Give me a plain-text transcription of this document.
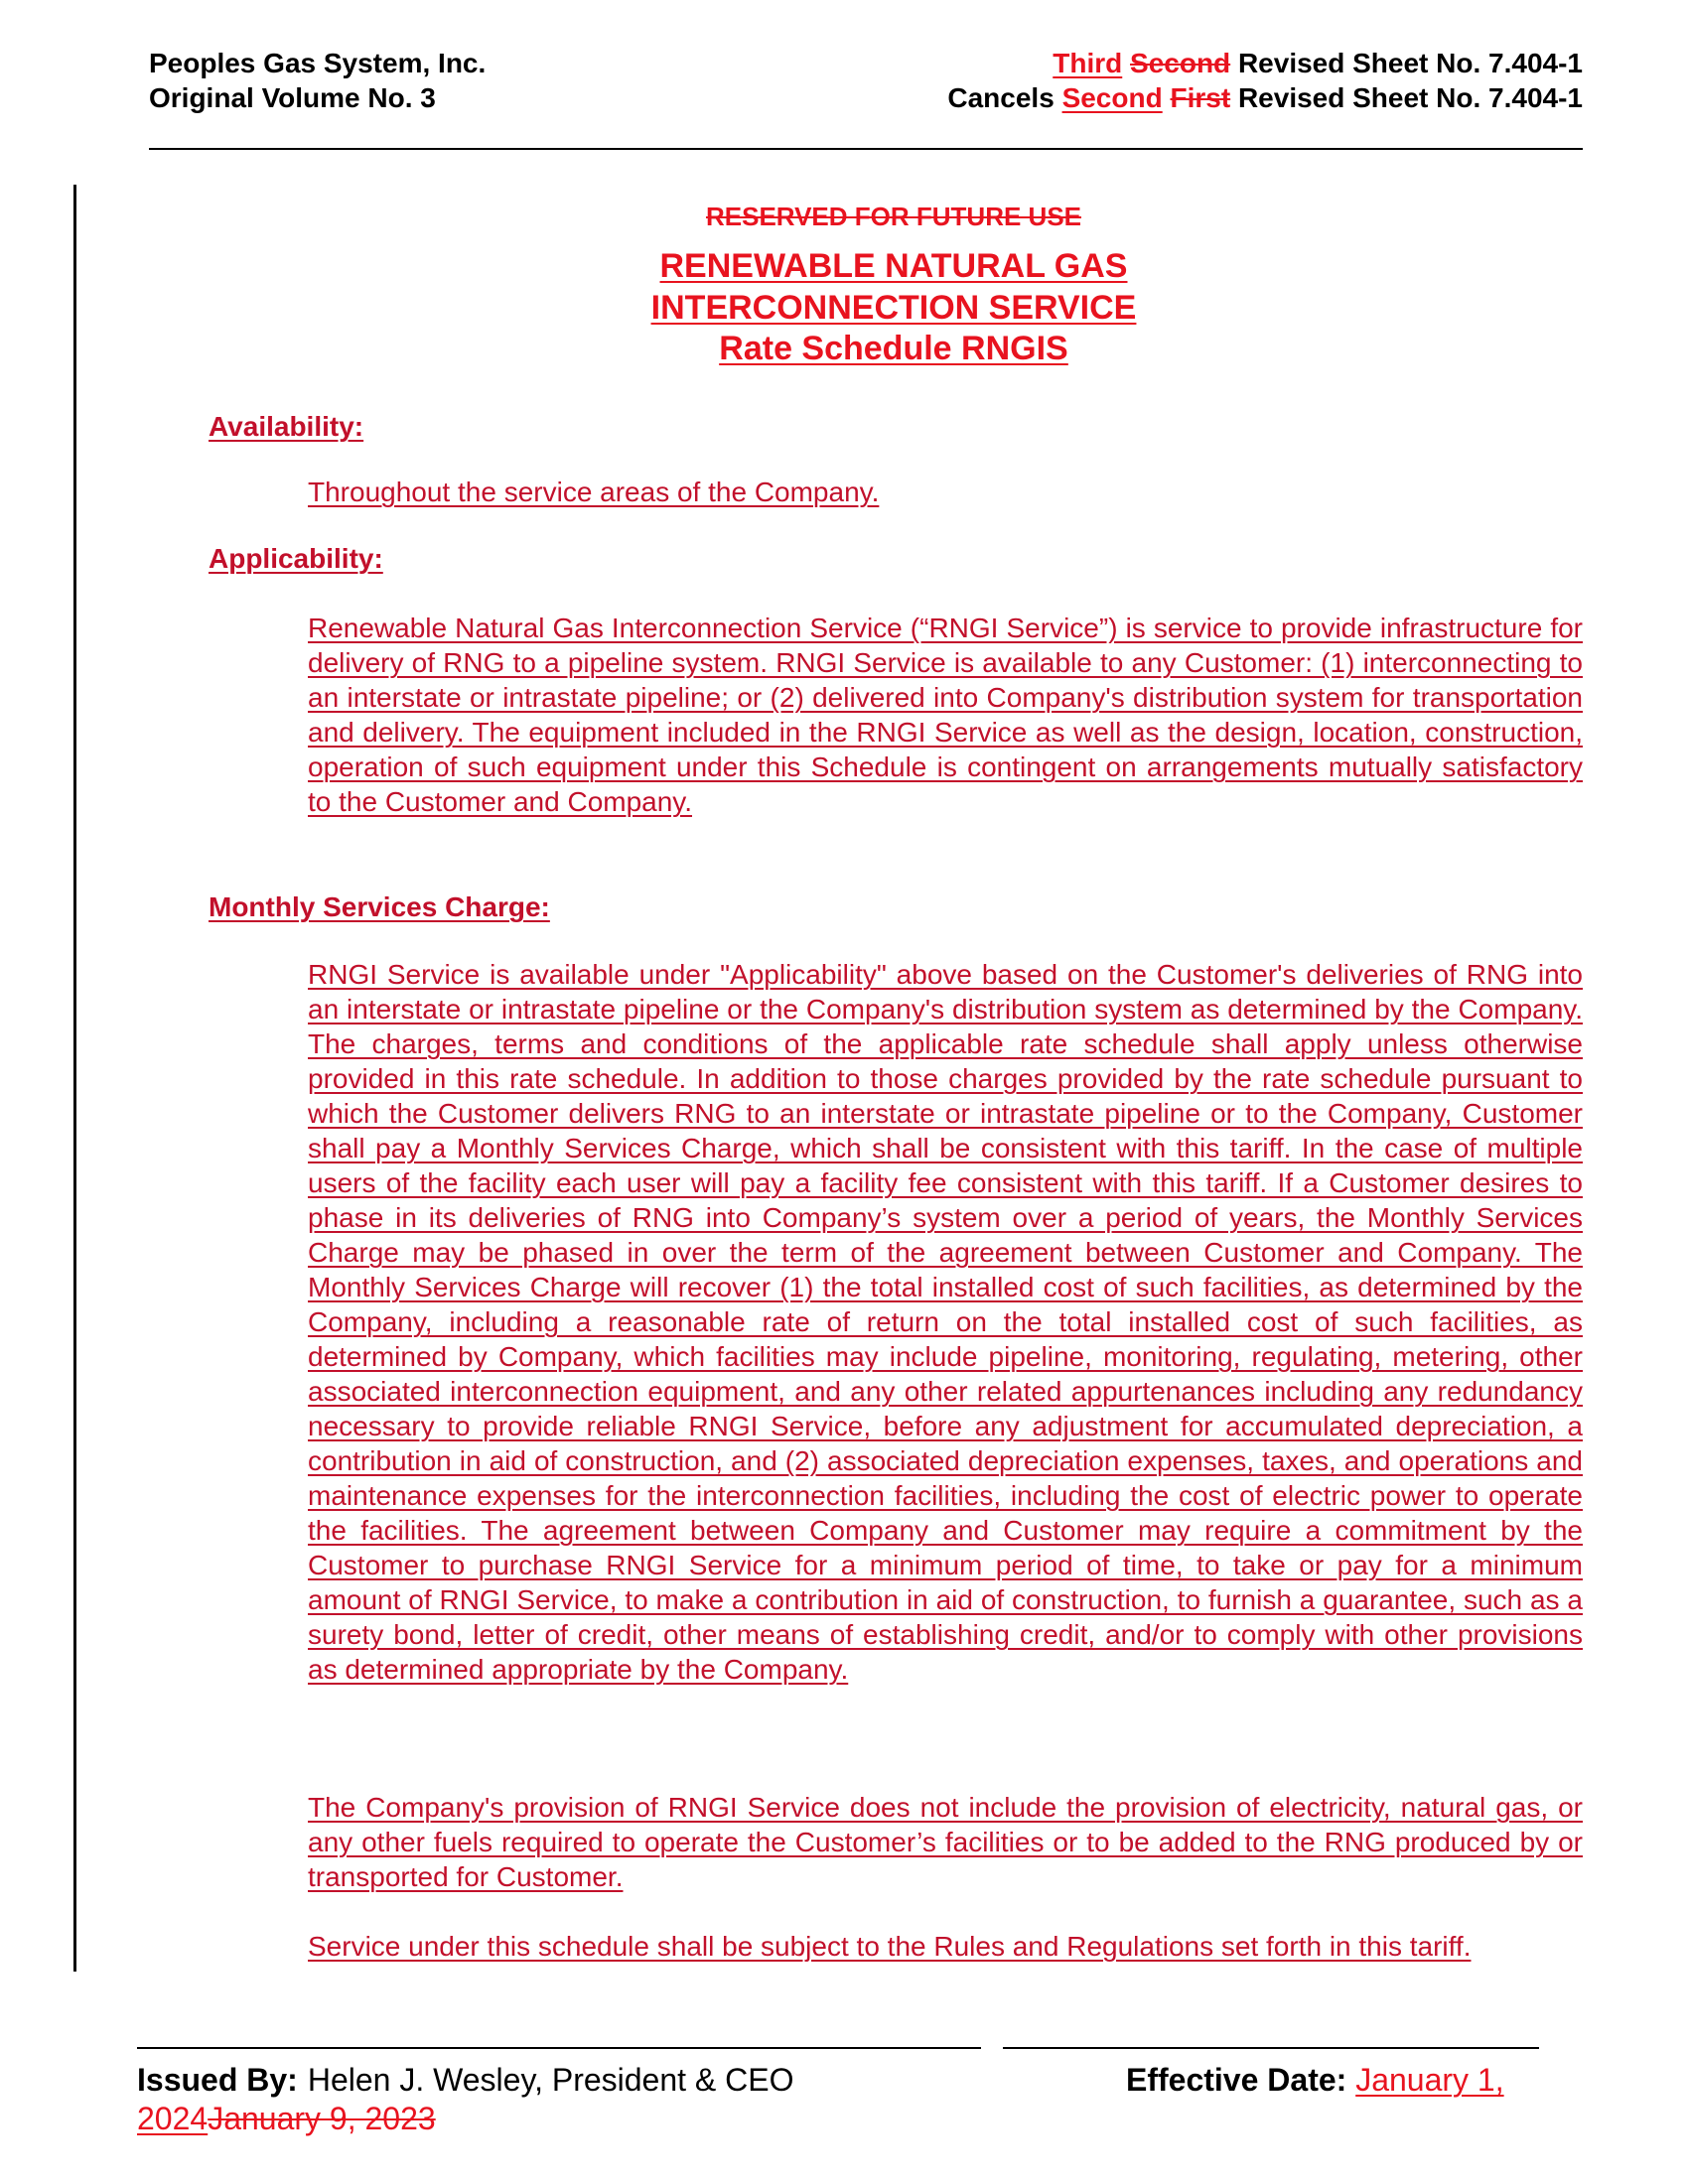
Peoples Gas System, Inc.
Original Volume No. 3
Third Second Revised Sheet No. 7.404-1
Cancels Second First Revised Sheet No. 7.404-1
RESERVED FOR FUTURE USE
RENEWABLE NATURAL GAS
INTERCONNECTION SERVICE
Rate Schedule RNGIS
Availability:
Throughout the service areas of the Company.
Applicability:
Renewable Natural Gas Interconnection Service (“RNGI Service”) is service to provide infrastructure for delivery of RNG to a pipeline system. RNGI Service is available to any Customer: (1) interconnecting to an interstate or intrastate pipeline; or (2) delivered into Company's distribution system for transportation and delivery. The equipment included in the RNGI Service as well as the design, location, construction, operation of such equipment under this Schedule is contingent on arrangements mutually satisfactory to the Customer and Company.
Monthly Services Charge:
RNGI Service is available under "Applicability" above based on the Customer's deliveries of RNG into an interstate or intrastate pipeline or the Company's distribution system as determined by the Company. The charges, terms and conditions of the applicable rate schedule shall apply unless otherwise provided in this rate schedule. In addition to those charges provided by the rate schedule pursuant to which the Customer delivers RNG to an interstate or intrastate pipeline or to the Company, Customer shall pay a Monthly Services Charge, which shall be consistent with this tariff. In the case of multiple users of the facility each user will pay a facility fee consistent with this tariff. If a Customer desires to phase in its deliveries of RNG into Company’s system over a period of years, the Monthly Services Charge may be phased in over the term of the agreement between Customer and Company. The Monthly Services Charge will recover (1) the total installed cost of such facilities, as determined by the Company, including a reasonable rate of return on the total installed cost of such facilities, as determined by Company, which facilities may include pipeline, monitoring, regulating, metering, other associated interconnection equipment, and any other related appurtenances including any redundancy necessary to provide reliable RNGI Service, before any adjustment for accumulated depreciation, a contribution in aid of construction, and (2) associated depreciation expenses, taxes, and operations and maintenance expenses for the interconnection facilities, including the cost of electric power to operate the facilities. The agreement between Company and Customer may require a commitment by the Customer to purchase RNGI Service for a minimum period of time, to take or pay for a minimum amount of RNGI Service, to make a contribution in aid of construction, to furnish a guarantee, such as a surety bond, letter of credit, other means of establishing credit, and/or to comply with other provisions as determined appropriate by the Company.
The Company's provision of RNGI Service does not include the provision of electricity, natural gas, or any other fuels required to operate the Customer’s facilities or to be added to the RNG produced by or transported for Customer.
Service under this schedule shall be subject to the Rules and Regulations set forth in this tariff.
Issued By: Helen J. Wesley, President & CEO	Effective Date: January 1,
2024January 9, 2023
